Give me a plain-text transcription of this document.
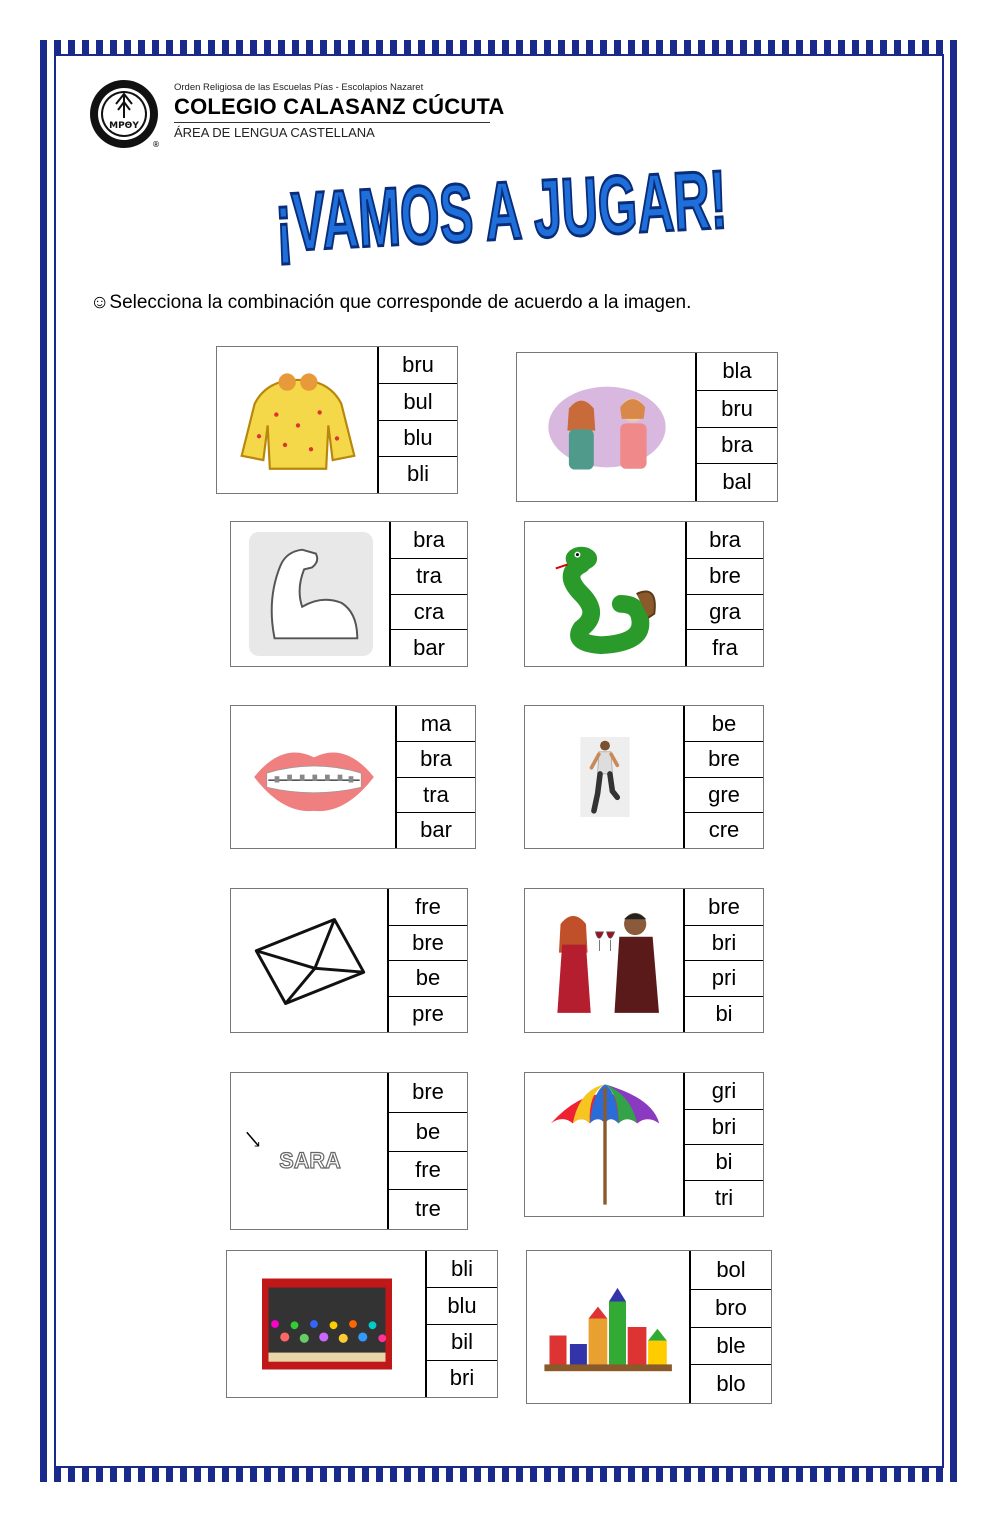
MPΘY
®
Orden Religiosa de las Escuelas Pías - Escolapios Nazaret
COLEGIO CALASANZ CÚCUTA
ÁREA DE LENGUA CASTELLANA
¡VAMOS A JUGAR!
☺Selecciona la combinación que corresponde de acuerdo a la imagen.
bru
bul
blu
bli
bla
bru
bra
bal
bra
tra
cra
bar
bra
bre
gra
fra
ma
bra
tra
bar
be
bre
gre
cre
fre
bre
be
pre
bre
bri
pri
bi
SARA
bre
be
fre
tre
gri
bri
bi
tri
bli
blu
bil
bri
bol
bro
ble
blo
